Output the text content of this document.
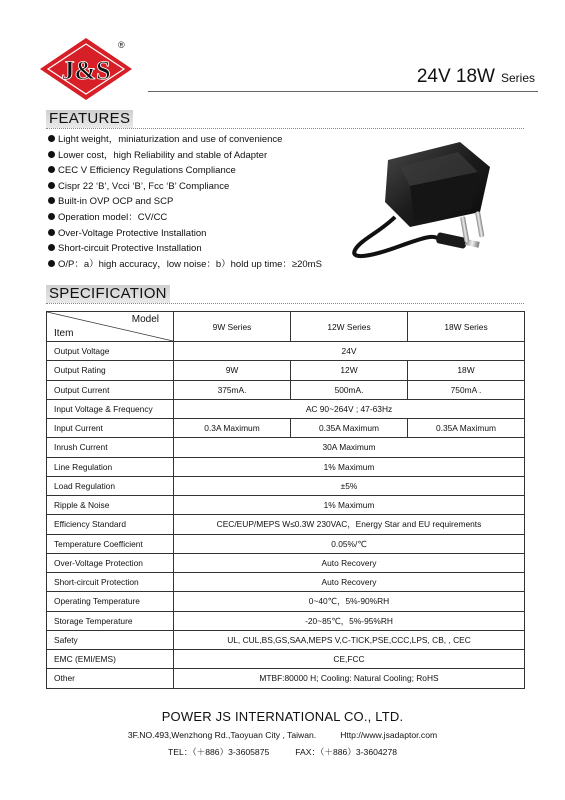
J&S
®
24V 18W Series
FEATURES
Light weight，miniaturization and use of convenience
Lower cost，high Reliability and stable of Adapter
CEC V Efficiency Regulations Compliance
Cispr 22 ‘B’, Vcci ‘B’, Fcc ‘B’ Compliance
Built-in OVP OCP and SCP
Operation model：CV/CC
Over-Voltage Protective Installation
Short-circuit Protective Installation
O/P：a）high accuracy，low noise：b）hold up time：≥20mS
SPECIFICATION
Model
Item	9W Series	12W Series	18W Series
Output Voltage	24V		
Output Rating	9W	12W	18W
Output Current	375mA.	500mA.	750mA .
Input Voltage & Frequency	AC 90~264V ; 47-63Hz		
Input Current	0.3A Maximum	0.35A Maximum	0.35A Maximum
Inrush Current	30A Maximum		
Line Regulation	1% Maximum		
Load Regulation	±5%		
Ripple & Noise	1% Maximum		
Efficiency Standard	CEC/EUP/MEPS W≤0.3W 230VAC，Energy Star and EU requirements		
Temperature Coefficient	0.05%/℃		
Over-Voltage Protection	Auto Recovery		
Short-circuit Protection	Auto Recovery		
Operating Temperature	0~40℃，5%-90%RH		
Storage Temperature	-20~85℃，5%-95%RH		
Safety	UL, CUL,BS,GS,SAA,MEPS V,C-TICK,PSE,CCC,LPS, CB, , CEC		
EMC (EMI/EMS)	CE,FCC		
Other	MTBF:80000 H; Cooling: Natural Cooling; RoHS		
POWER JS INTERNATIONAL CO., LTD.
3F.NO.493,Wenzhong Rd.,Taoyuan City , Taiwan.	Http://www.jsadaptor.com
TEL：（＋886）3-3605875	FAX：（＋886）3-3604278
